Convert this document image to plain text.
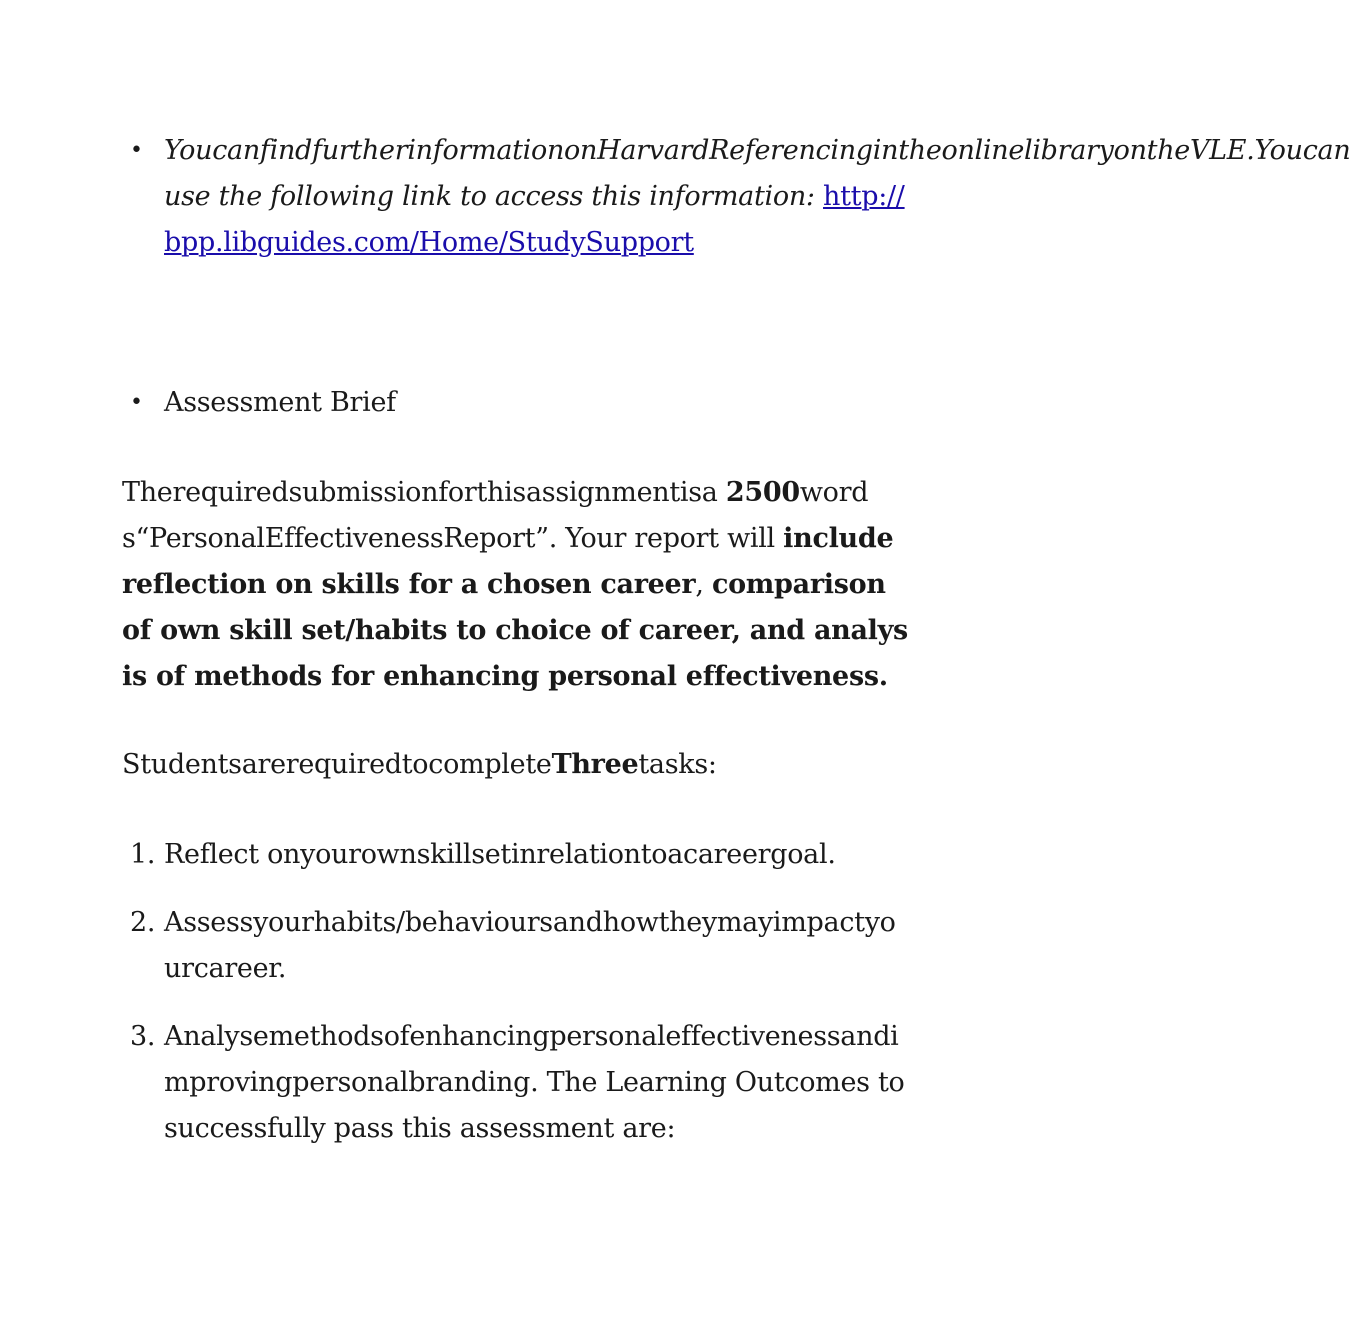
• YoucanfindfurtherinformationonHarvardReferencingintheonlinelibraryontheVLE.Youcan use the following link to access this information: http://bpp.libguides.com/Home/StudySupport
• Assessment Brief

Therequiredsubmissionforthisassignmentisa 2500words“PersonalEffectivenessReport”. Your report will include reflection on skills for a chosen career, comparison of own skill set/habits to choice of career, and analysis of methods for enhancing personal effectiveness.

StudentsarerequiredtocompleteThreetasks:

1. Reflect onyourownskillsetinrelationtoacareergoal.
2. Assessyourhabits/behavioursandhowtheymayimpactyourcareer.
3. Analysemethodsofenhancingpersonaleffectivenessandimprovingpersonalbranding. The Learning Outcomes to successfully pass this assessment are:
